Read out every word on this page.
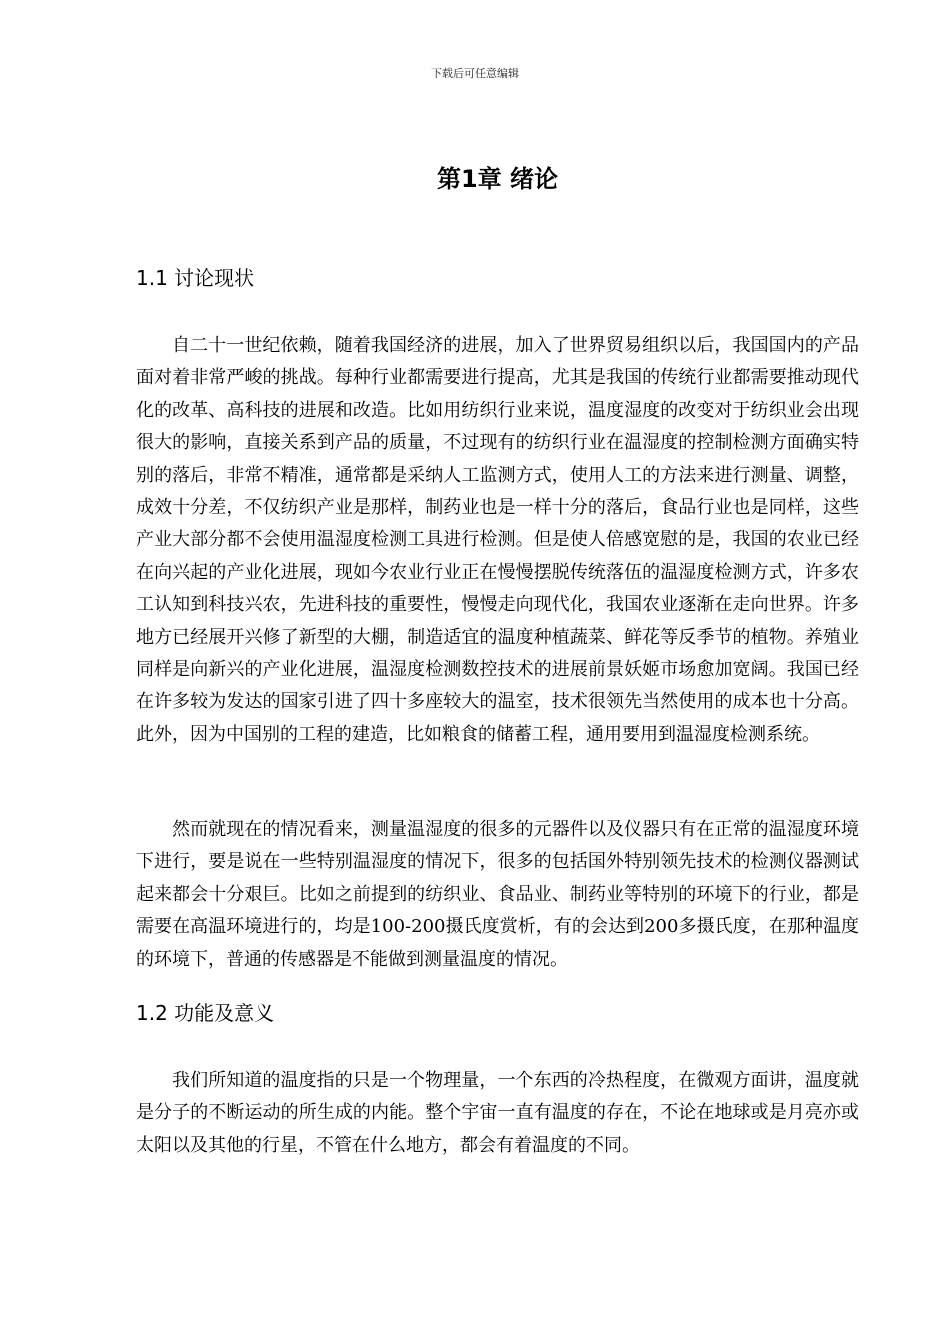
下载后可任意编辑
第1章 绪论
1.1 讨论现状

自二十一世纪依赖，随着我国经济的进展，加入了世界贸易组织以后，我国国内的产品面对着非常严峻的挑战。每种行业都需要进行提高，尤其是我国的传统行业都需要推动现代化的改革、高科技的进展和改造。比如用纺织行业来说，温度湿度的改变对于纺织业会出现很大的影响，直接关系到产品的质量，不过现有的纺织行业在温湿度的控制检测方面确实特别的落后，非常不精准，通常都是采纳人工监测方式，使用人工的方法来进行测量、调整，成效十分差，不仅纺织产业是那样，制药业也是一样十分的落后，食品行业也是同样，这些产业大部分都不会使用温湿度检测工具进行检测。但是使人倍感宽慰的是，我国的农业已经在向兴起的产业化进展，现如今农业行业正在慢慢摆脱传统落伍的温湿度检测方式，许多农工认知到科技兴农，先进科技的重要性，慢慢走向现代化，我国农业逐渐在走向世界。许多地方已经展开兴修了新型的大棚，制造适宜的温度种植蔬菜、鲜花等反季节的植物。养殖业同样是向新兴的产业化进展，温湿度检测数控技术的进展前景妖姬市场愈加宽阔。我国已经在许多较为发达的国家引进了四十多座较大的温室，技术很领先当然使用的成本也十分高。此外，因为中国别的工程的建造，比如粮食的储蓄工程，通用要用到温湿度检测系统。

然而就现在的情况看来，测量温湿度的很多的元器件以及仪器只有在正常的温湿度环境下进行，要是说在一些特别温湿度的情况下，很多的包括国外特别领先技术的检测仪器测试起来都会十分艰巨。比如之前提到的纺织业、食品业、制药业等特别的环境下的行业，都是需要在高温环境进行的，均是100-200摄氏度赏析，有的会达到200多摄氏度，在那种温度的环境下，普通的传感器是不能做到测量温度的情况。

1.2 功能及意义

我们所知道的温度指的只是一个物理量，一个东西的冷热程度，在微观方面讲，温度就是分子的不断运动的所生成的内能。整个宇宙一直有温度的存在，不论在地球或是月亮亦或太阳以及其他的行星，不管在什么地方，都会有着温度的不同。
